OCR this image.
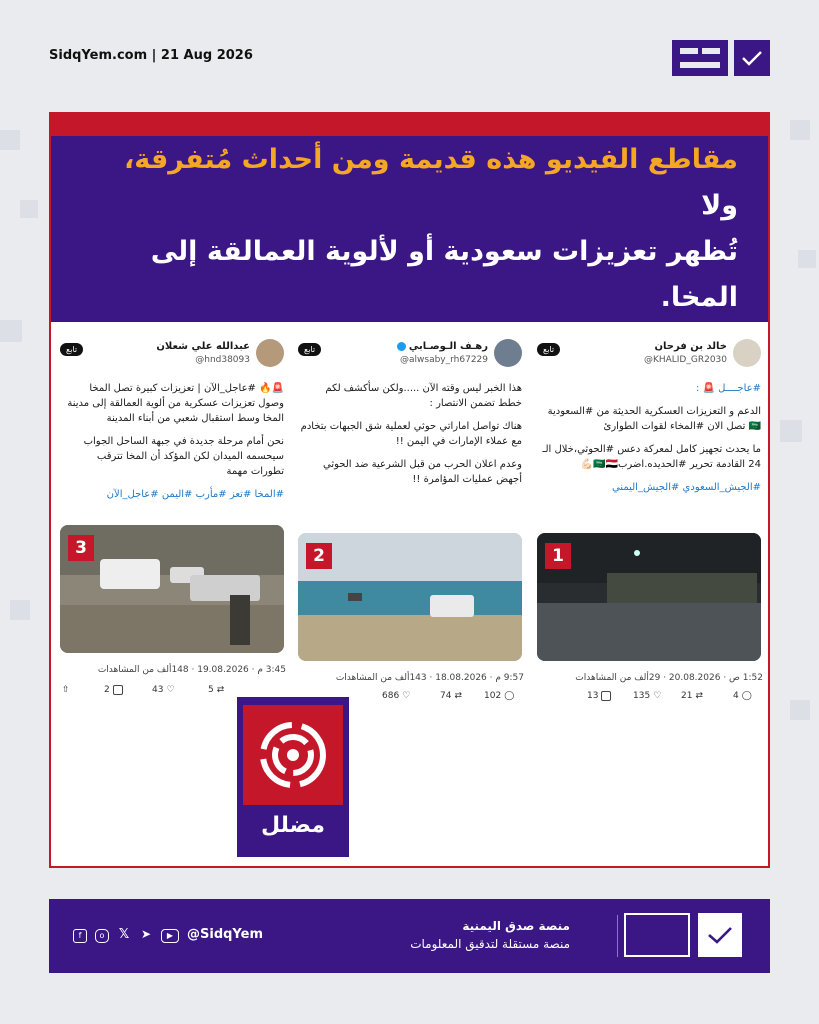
SidqYem.com | 21 Aug 2026
مقاطع الفيديو هذه قديمة ومن أحداث مُتفرقة، ولا
تُظهر تعزيزات سعودية أو لألوية العمالقة إلى المخا.
عبدالله علي شعلان
@hnd38093
تابع

🚨🔥 #عاجل_الآن | تعزيزات كبيرة تصل المخا وصول تعزيزات عسكرية من ألوية العمالقة إلى مدينة المخا وسط استقبال شعبي من أبناء المدينة

نحن أمام مرحلة جديدة في جبهة الساحل الجواب سيحسمه الميدان لكن المؤكد أن المخا تترقب تطورات مهمة

#المخا #تعز #مأرب #اليمن #عاجل_الآن

3
3:45 م · 19.08.2026 · 148ألف من المشاهدات
⇧	2	43 ♡	5 ⇄
رهـف الـوصـابي
@alwsaby_rh67229
تابع

هذا الخبر ليس وقته الآن .....ولكن سأكشف لكم خطط تضمن الانتصار :

هناك تواصل اماراتي حوثي لعملية شق الجبهات بتخادم مع عملاء الإمارات في اليمن !!

وعدم اعلان الحرب من قبل الشرعية ضد الحوثي أجهض عمليات المؤامرة !!

2
9:57 م · 18.08.2026 · 143ألف من المشاهدات
686 ♡	74 ⇄ 102 ◯
خالد بن فرحان
@KHALID_GR2030
تابع

#عاجــــل 🚨 :

الدعم و التعزيزات العسكرية الحديثة من #السعودية 🇸🇦 تصل الان #المخاء لقوات الطوارئ

ما يحدث تجهيز كامل لمعركة دعس #الحوثي،خلال الـ 24 القادمة تحرير #الحديده.اضرب🇸🇦🇾🇪💪🏻

#الجيش_السعودي #الجيش_اليمني

1
1:52 ص · 20.08.2026 · 29ألف من المشاهدات
13	135 ♡ 21 ⇄	4 ◯
مضلل
f	o	𝕏 ➤	▶	@SidqYem
منصة صدق اليمنية
منصة مستقلة لتدقيق المعلومات
